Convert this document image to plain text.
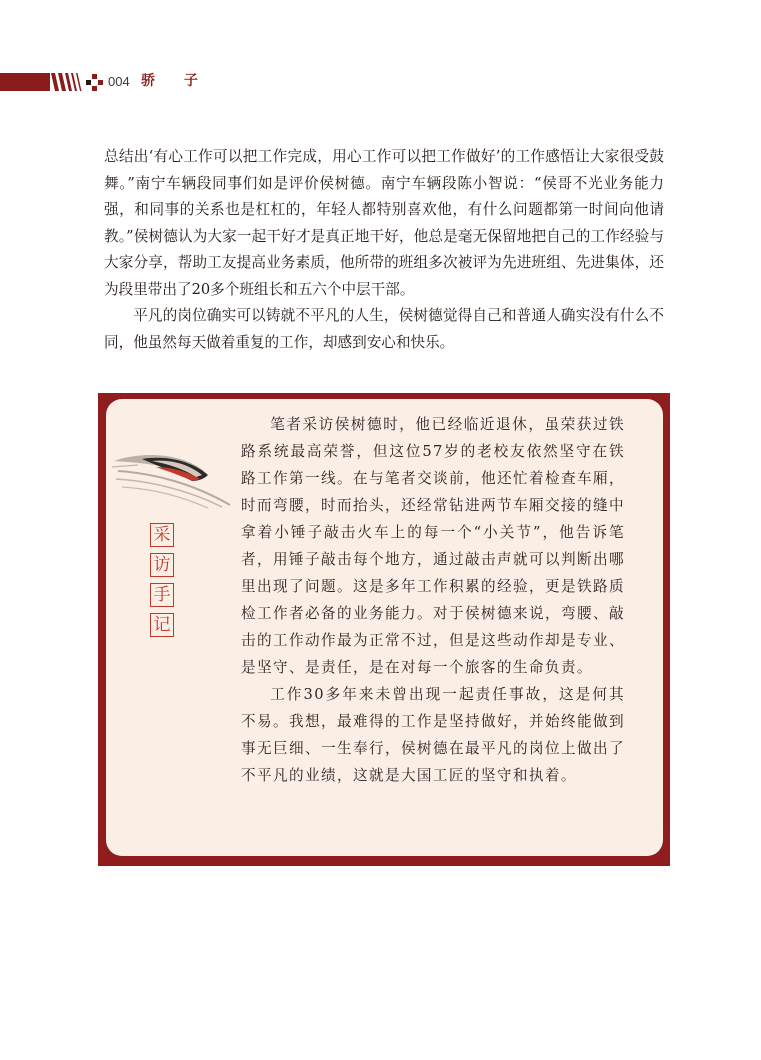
004 骄 子

总结出‘有心工作可以把工作完成，用心工作可以把工作做好’的工作感悟让大家很受鼓舞。”南宁车辆段同事们如是评价侯树德。南宁车辆段陈小智说：“侯哥不光业务能力强，和同事的关系也是杠杠的，年轻人都特别喜欢他，有什么问题都第一时间向他请教。”侯树德认为大家一起干好才是真正地干好，他总是毫无保留地把自己的工作经验与大家分享，帮助工友提高业务素质，他所带的班组多次被评为先进班组、先进集体，还为段里带出了20多个班组长和五六个中层干部。

平凡的岗位确实可以铸就不平凡的人生，侯树德觉得自己和普通人确实没有什么不同，他虽然每天做着重复的工作，却感到安心和快乐。

采
访
手
记

笔者采访侯树德时，他已经临近退休，虽荣获过铁路系统最高荣誉，但这位57岁的老校友依然坚守在铁路工作第一线。在与笔者交谈前，他还忙着检查车厢，时而弯腰，时而抬头，还经常钻进两节车厢交接的缝中拿着小锤子敲击火车上的每一个“小关节”，他告诉笔者，用锤子敲击每个地方，通过敲击声就可以判断出哪里出现了问题。这是多年工作积累的经验，更是铁路质检工作者必备的业务能力。对于侯树德来说，弯腰、敲击的工作动作最为正常不过，但是这些动作却是专业、是坚守、是责任，是在对每一个旅客的生命负责。

工作30多年来未曾出现一起责任事故，这是何其不易。我想，最难得的工作是坚持做好，并始终能做到事无巨细、一生奉行，侯树德在最平凡的岗位上做出了不平凡的业绩，这就是大国工匠的坚守和执着。
